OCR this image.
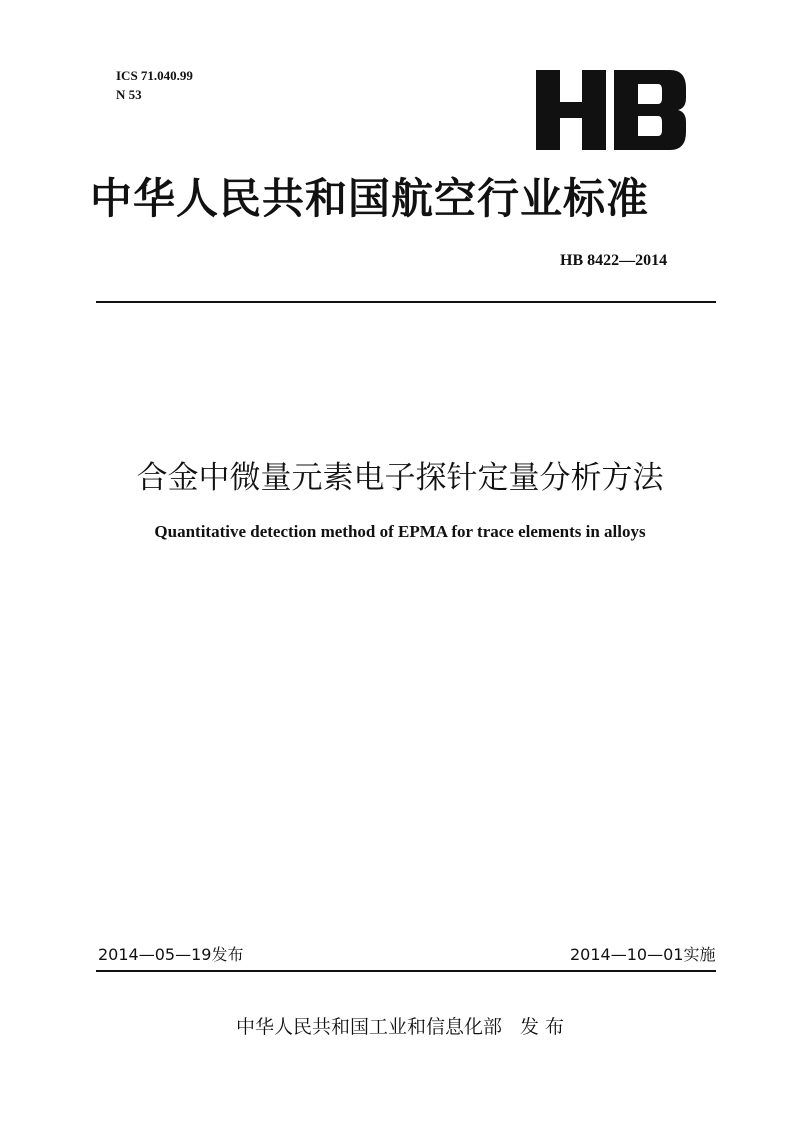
ICS 71.040.99
N 53
中华人民共和国航空行业标准
HB 8422—2014
合金中微量元素电子探针定量分析方法
Quantitative detection method of EPMA for trace elements in alloys
2014—05—19发布	2014—10—01实施
中华人民共和国工业和信息化部 发 布
